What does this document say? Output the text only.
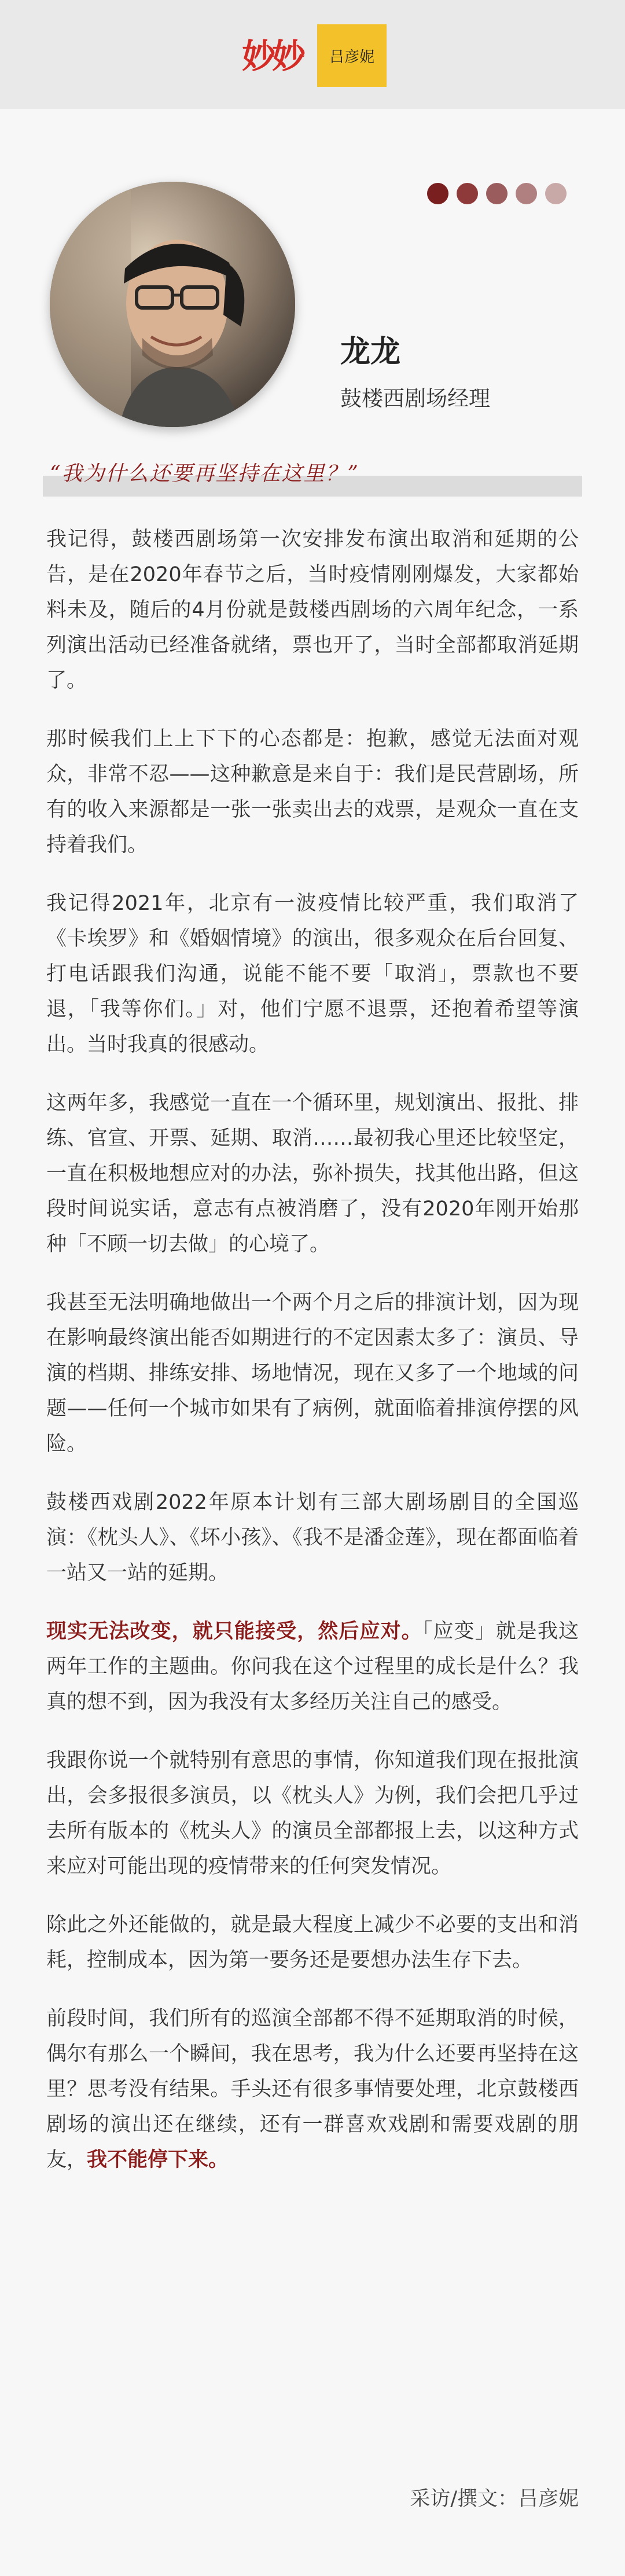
妙妙	吕彦妮
龙龙
鼓楼西剧场经理
“我为什么还要再坚持在这里？”

我记得，鼓楼西剧场第一次安排发布演出取消和延期的公告，是在2020年春节之后，当时疫情刚刚爆发，大家都始料未及，随后的4月份就是鼓楼西剧场的六周年纪念，一系列演出活动已经准备就绪，票也开了，当时全部都取消延期了。

那时候我们上上下下的心态都是：抱歉，感觉无法面对观众，非常不忍——这种歉意是来自于：我们是民营剧场，所有的收入来源都是一张一张卖出去的戏票，是观众一直在支持着我们。

我记得2021年，北京有一波疫情比较严重，我们取消了《卡埃罗》和《婚姻情境》的演出，很多观众在后台回复、打电话跟我们沟通，说能不能不要「取消」，票款也不要退，「我等你们。」对，他们宁愿不退票，还抱着希望等演出。当时我真的很感动。

这两年多，我感觉一直在一个循环里，规划演出、报批、排练、官宣、开票、延期、取消……最初我心里还比较坚定，一直在积极地想应对的办法，弥补损失，找其他出路，但这段时间说实话，意志有点被消磨了，没有2020年刚开始那种「不顾一切去做」的心境了。

我甚至无法明确地做出一个两个月之后的排演计划，因为现在影响最终演出能否如期进行的不定因素太多了：演员、导演的档期、排练安排、场地情况，现在又多了一个地域的问题——任何一个城市如果有了病例，就面临着排演停摆的风险。

鼓楼西戏剧2022年原本计划有三部大剧场剧目的全国巡演：《枕头人》、《坏小孩》、《我不是潘金莲》，现在都面临着一站又一站的延期。

现实无法改变，就只能接受，然后应对。「应变」就是我这两年工作的主题曲。你问我在这个过程里的成长是什么？我真的想不到，因为我没有太多经历关注自己的感受。

我跟你说一个就特别有意思的事情，你知道我们现在报批演出，会多报很多演员，以《枕头人》为例，我们会把几乎过去所有版本的《枕头人》的演员全部都报上去，以这种方式来应对可能出现的疫情带来的任何突发情况。

除此之外还能做的，就是最大程度上减少不必要的支出和消耗，控制成本，因为第一要务还是要想办法生存下去。

前段时间，我们所有的巡演全部都不得不延期取消的时候，偶尔有那么一个瞬间，我在思考，我为什么还要再坚持在这里？思考没有结果。手头还有很多事情要处理，北京鼓楼西剧场的演出还在继续，还有一群喜欢戏剧和需要戏剧的朋友，我不能停下来。

采访/撰文：吕彦妮
